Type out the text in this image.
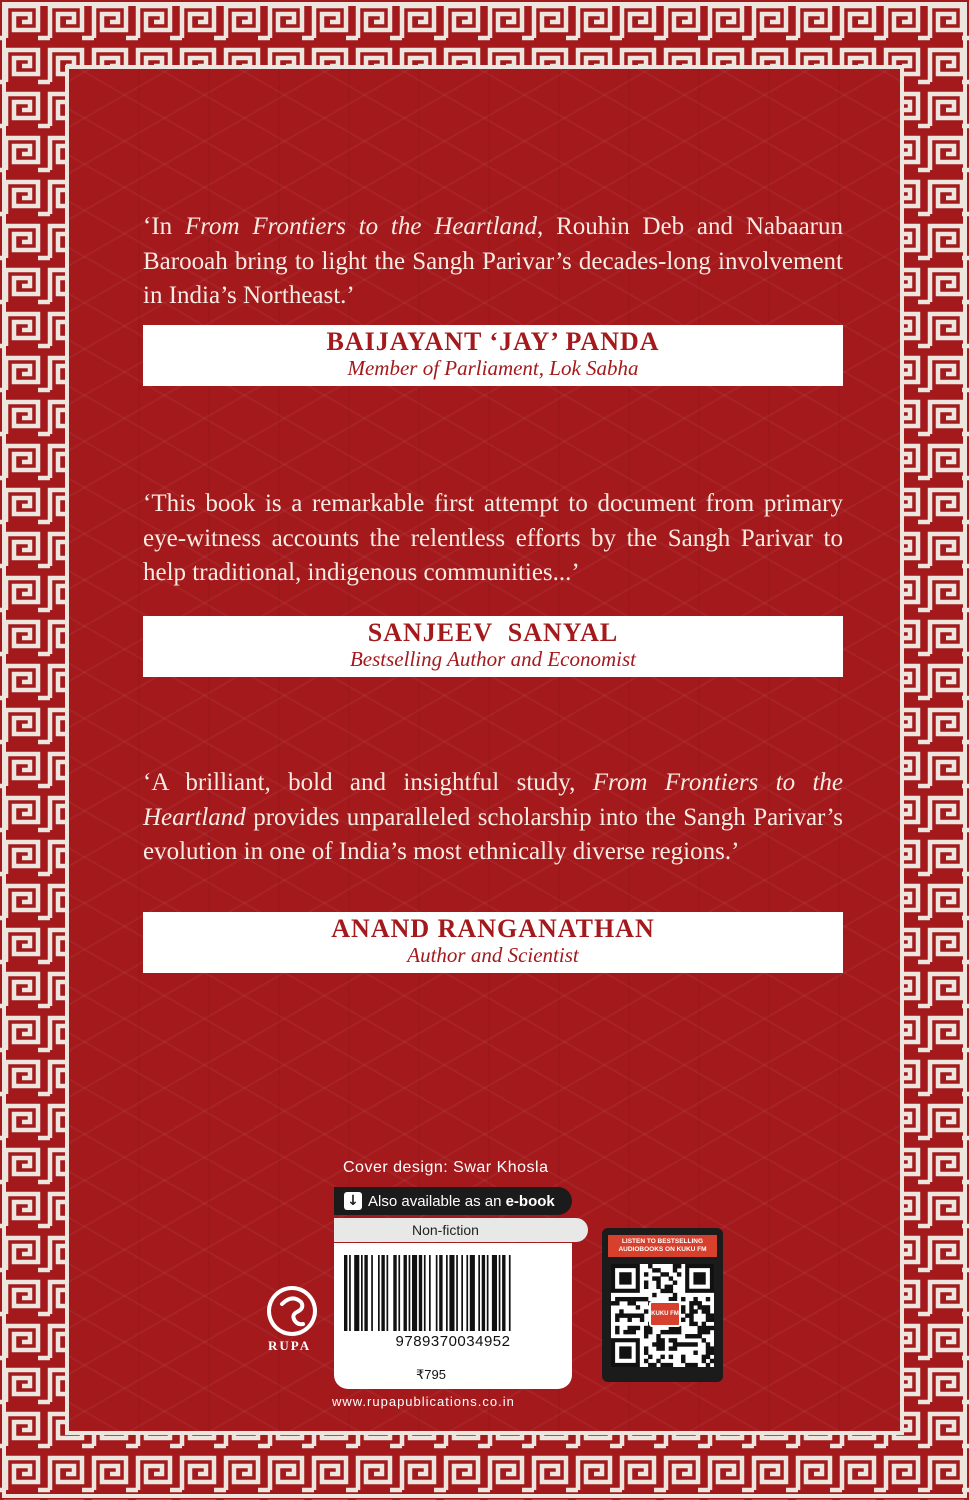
‘In From Frontiers to the Heartland, Rouhin Deb and Nabaarun Barooah bring to light the Sangh Parivar’s decades-long involvement in India’s Northeast.’

BAIJAYANT ‘JAY’ PANDA
Member of Parliament, Lok Sabha

‘This book is a remarkable first attempt to document from primary eye-witness accounts the relentless efforts by the Sangh Parivar to help traditional, indigenous communities...’

SANJEEV  SANYAL
Bestselling Author and Economist

‘A brilliant, bold and insightful study, From Frontiers to the Heartland provides unparalleled scholarship into the Sangh Parivar’s evolution in one of India’s most ethnically diverse regions.’

ANAND RANGANATHAN
Author and Scientist
Cover design: Swar Khosla
↓ Also available as an e-book
Non-fiction
9789370034952
₹795
RUPA
www.rupapublications.co.in
LISTEN TO BESTSELLING AUDIOBOOKS ON KUKU FM
KUKU FM
